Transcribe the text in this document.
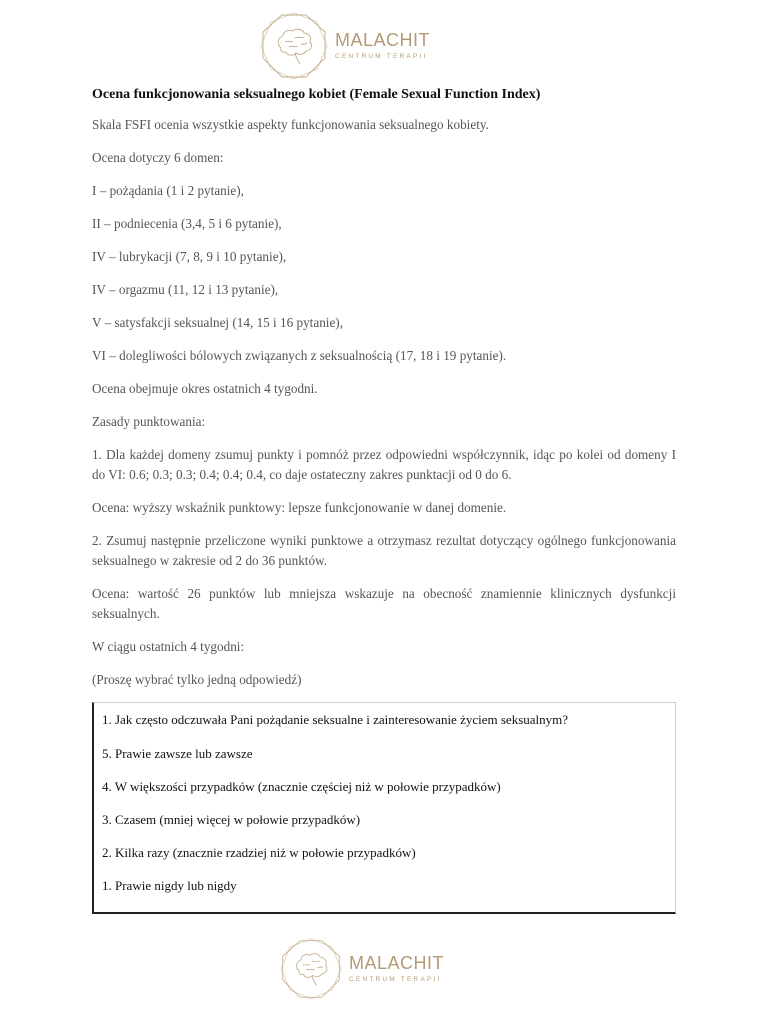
MALACHIT
CENTRUM TERAPII
Ocena funkcjonowania seksualnego kobiet (Female Sexual Function Index)

Skala FSFI ocenia wszystkie aspekty funkcjonowania seksualnego kobiety.

Ocena dotyczy 6 domen:

I – pożądania (1 i 2 pytanie),

II – podniecenia (3,4, 5 i 6 pytanie),

IV – lubrykacji (7, 8, 9 i 10 pytanie),

IV – orgazmu (11, 12 i 13 pytanie),

V – satysfakcji seksualnej (14, 15 i 16 pytanie),

VI – dolegliwości bólowych związanych z seksualnością (17, 18 i 19 pytanie).

Ocena obejmuje okres ostatnich 4 tygodni.

Zasady punktowania:

1. Dla każdej domeny zsumuj punkty i pomnóż przez odpowiedni współczynnik, idąc po kolei od domeny I do VI: 0.6; 0.3; 0.3; 0.4; 0.4; 0.4, co daje ostateczny zakres punktacji od 0 do 6.

Ocena: wyższy wskaźnik punktowy: lepsze funkcjonowanie w danej domenie.

2. Zsumuj następnie przeliczone wyniki punktowe a otrzymasz rezultat dotyczący ogólnego funkcjonowania seksualnego w zakresie od 2 do 36 punktów.

Ocena: wartość 26 punktów lub mniejsza wskazuje na obecność znamiennie klinicznych dysfunkcji seksualnych.

W ciągu ostatnich 4 tygodni:

(Proszę wybrać tylko jedną odpowiedź)

1. Jak często odczuwała Pani pożądanie seksualne i zainteresowanie życiem seksualnym?
5. Prawie zawsze lub zawsze
4. W większości przypadków (znacznie częściej niż w połowie przypadków)
3. Czasem (mniej więcej w połowie przypadków)
2. Kilka razy (znacznie rzadziej niż w połowie przypadków)
1. Prawie nigdy lub nigdy
MALACHIT
CENTRUM TERAPII
